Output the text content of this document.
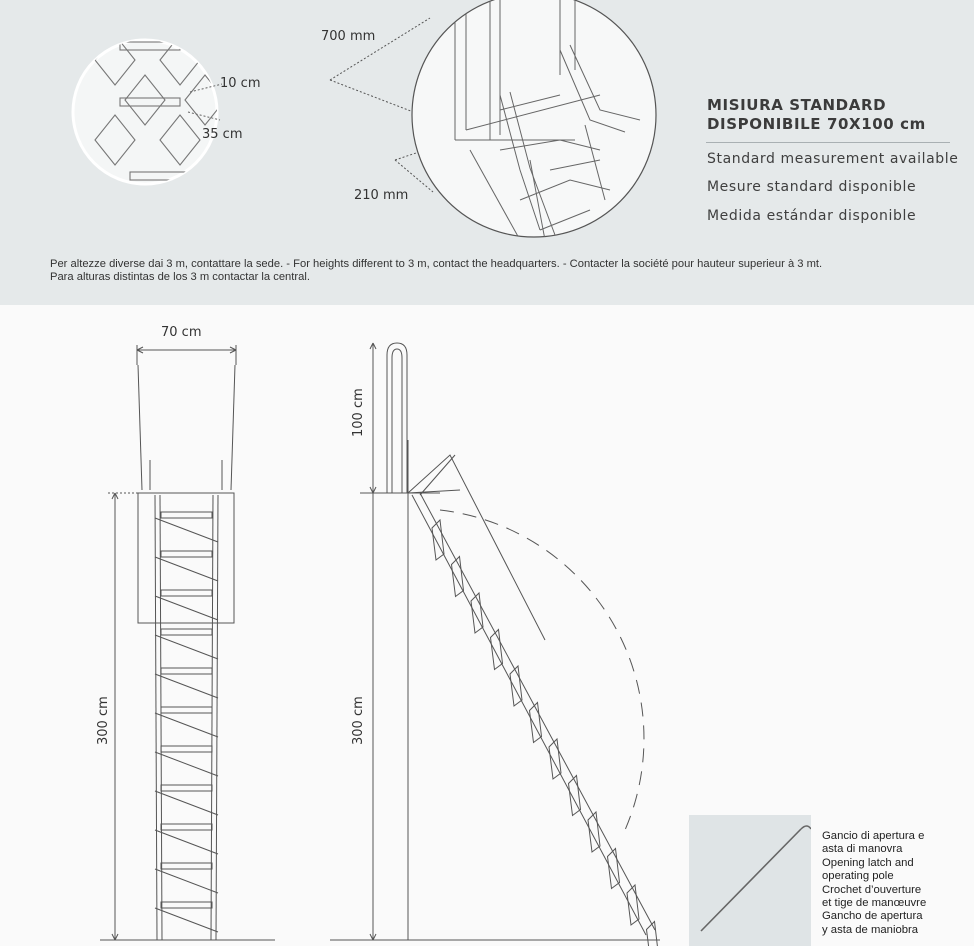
10 cm
35 cm
700 mm
210 mm
MISIURA STANDARD
DISPONIBILE 70X100 cm
Standard measurement available
Mesure standard disponible
Medida estándar disponible
Per altezze diverse dai 3 m, contattare la sede. - For heights different to 3 m, contact the headquarters. - Contacter la société pour hauteur superieur à 3 mt.
Para alturas distintas de los 3 m contactar la central.
70 cm
300 cm
100 cm
300 cm
Gancio di apertura e
asta di manovra
Opening latch and
operating pole
Crochet d’ouverture
et tige de manœuvre
Gancho de apertura
y asta de maniobra
